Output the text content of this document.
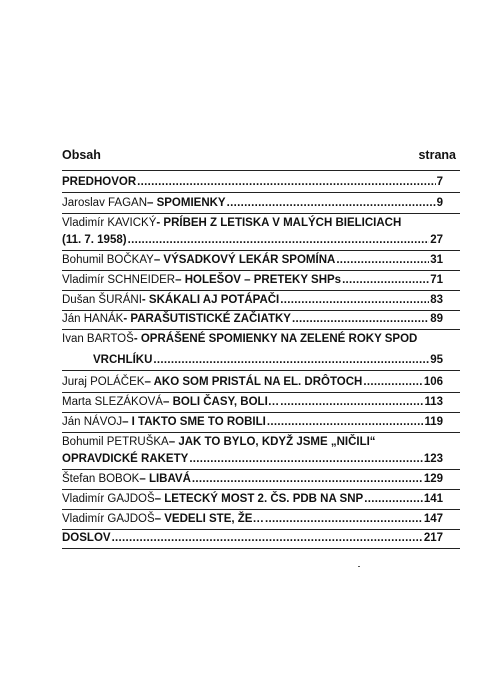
Obsah	strana
PREDHOVOR .....	7
Jaroslav FAGAN – SPOMIENKY .....	9
Vladimír KAVICKÝ - PRÍBEH Z LETISKA V MALÝCH BIELICIACH
(11. 7. 1958) .....	27
Bohumil BOČKAY – VÝSADKOVÝ LEKÁR SPOMÍNA .....	31
Vladimír SCHNEIDER – HOLEŠOV – PRETEKY SHPs .....	71
Dušan ŠURÁNI - SKÁKALI AJ POTÁPAČI .....	83
Ján HANÁK - PARAŠUTISTICKÉ ZAČIATKY .....	89
Ivan BARTOŠ - OPRÁŠENÉ SPOMIENKY NA ZELENÉ ROKY SPOD
VRCHLÍKU .....	95
Juraj POLÁČEK – AKO SOM PRISTÁL NA EL. DRÔTOCH .....	106
Marta SLEZÁKOVÁ – BOLI ČASY, BOLI… .....	113
Ján NÁVOJ – I TAKTO SME TO ROBILI .....	119
Bohumil PETRUŠKA – JAK TO BYLO, KDYŽ JSME „NIČILI“
OPRAVDICKÉ RAKETY .....	123
Štefan BOBOK – LIBAVÁ .....	129
Vladimír GAJDOŠ – LETECKÝ MOST 2. ČS. PDB NA SNP .....	141
Vladimír GAJDOŠ – VEDELI STE, ŽE… .....	147
DOSLOV .....	217
